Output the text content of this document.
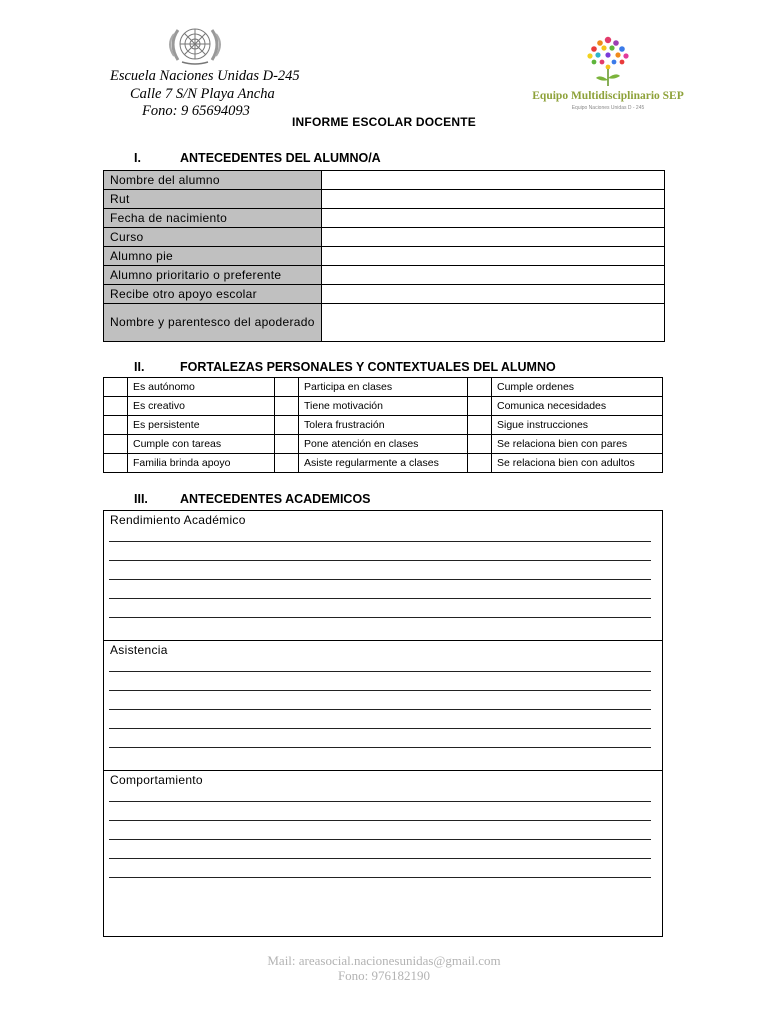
Escuela Naciones Unidas D-245
Calle 7 S/N Playa Ancha
Fono: 9 65694093
Equipo Multidisciplinario SEP
Equipo Naciones Unidas D - 245
INFORME ESCOLAR DOCENTE
I.	ANTECEDENTES DEL ALUMNO/A
Nombre del alumno	
Rut	
Fecha de nacimiento	
Curso	
Alumno pie	
Alumno prioritario o preferente	
Recibe otro apoyo escolar	
Nombre y parentesco del apoderado	
II.	FORTALEZAS PERSONALES Y CONTEXTUALES DEL ALUMNO
	Es autónomo		Participa en clases		Cumple ordenes
	Es creativo		Tiene motivación		Comunica necesidades
	Es persistente		Tolera frustración		Sigue instrucciones
	Cumple con tareas		Pone atención en clases		Se relaciona bien con pares
	Familia brinda apoyo		Asiste regularmente a clases		Se relaciona bien con adultos
III.	ANTECEDENTES ACADEMICOS
Rendimiento Académico
Asistencia
Comportamiento
Mail: areasocial.nacionesunidas@gmail.com
Fono: 976182190
